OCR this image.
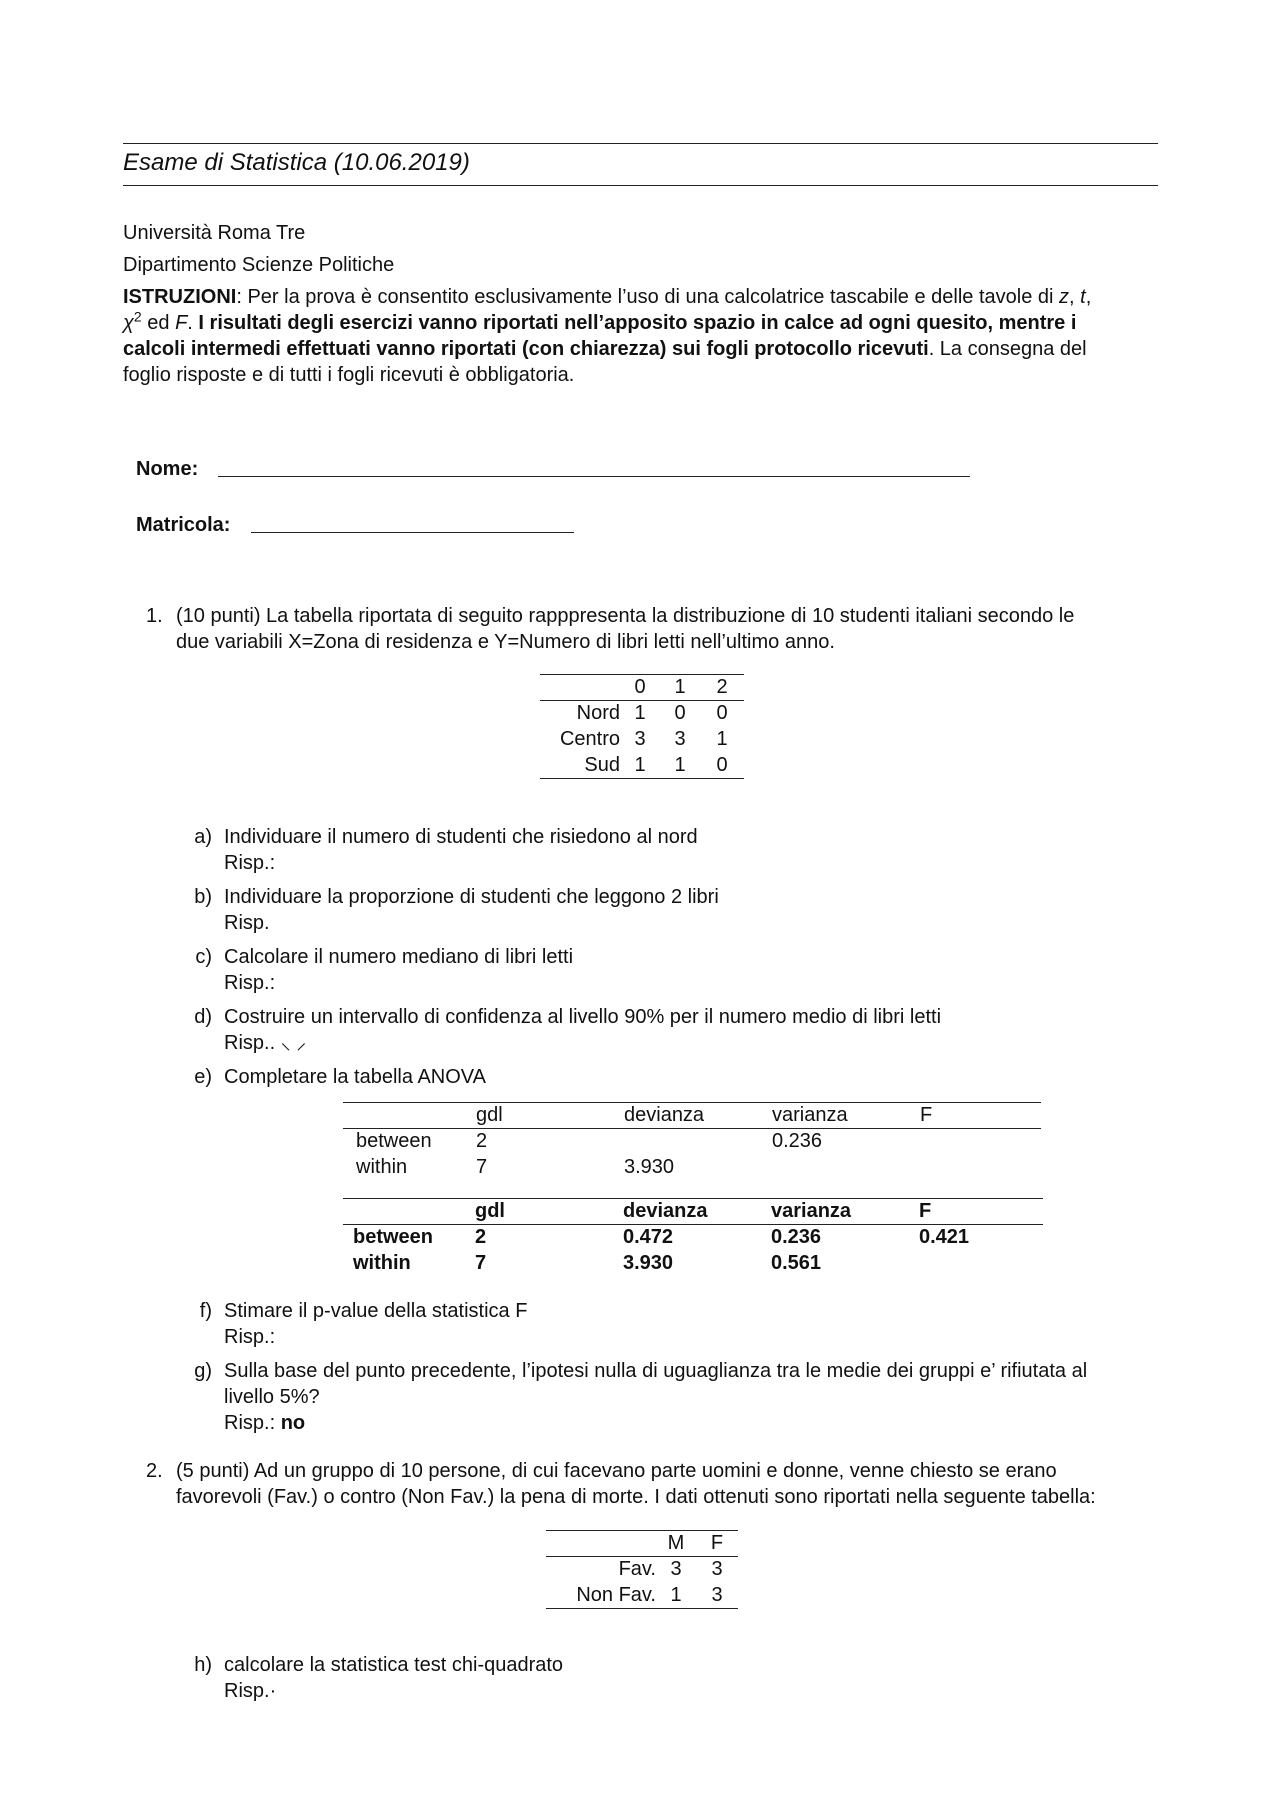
Esame di Statistica (10.06.2019)
Università Roma Tre
Dipartimento Scienze Politiche
ISTRUZIONI: Per la prova è consentito esclusivamente l’uso di una calcolatrice tascabile e delle tavole di z, t,
$\chi^2$ ed F. I risultati degli esercizi vanno riportati nell’apposito spazio in calce ad ogni quesito, mentre i
calcoli intermedi effettuati vanno riportati (con chiarezza) sui fogli protocollo ricevuti. La consegna del
foglio risposte e di tutti i fogli ricevuti è obbligatoria.
Nome:
Matricola:
1. (10 punti) La tabella riportata di seguito rapppresenta la distribuzione di 10 studenti italiani secondo le
due variabili X=Zona di residenza e Y=Numero di libri letti nell’ultimo anno.
	0	1	2
Nord	1	0	0
Centro	3	3	1
Sud	1	1	0
a) Individuare il numero di studenti che risiedono al nord
Risp.:
b) Individuare la proporzione di studenti che leggono 2 libri
Risp.
c) Calcolare il numero mediano di libri letti
Risp.:
d) Costruire un intervallo di confidenza al livello 90% per il numero medio di libri letti
Risp.. ⸜ ⸝
e) Completare la tabella ANOVA
	gdl	devianza	varianza	F
between	2		0.236	
within	7	3.930		
	gdl	devianza	varianza	F
between	2	0.472	0.236	0.421
within	7	3.930	0.561	
f) Stimare il p-value della statistica F
Risp.:
g) Sulla base del punto precedente, l’ipotesi nulla di uguaglianza tra le medie dei gruppi e’ rifiutata al
livello 5%?
Risp.: no
2. (5 punti) Ad un gruppo di 10 persone, di cui facevano parte uomini e donne, venne chiesto se erano
favorevoli (Fav.) o contro (Non Fav.) la pena di morte. I dati ottenuti sono riportati nella seguente tabella:
	M	F
Fav.	3	3
Non Fav.	1	3
h) calcolare la statistica test chi-quadrato
Risp.·
